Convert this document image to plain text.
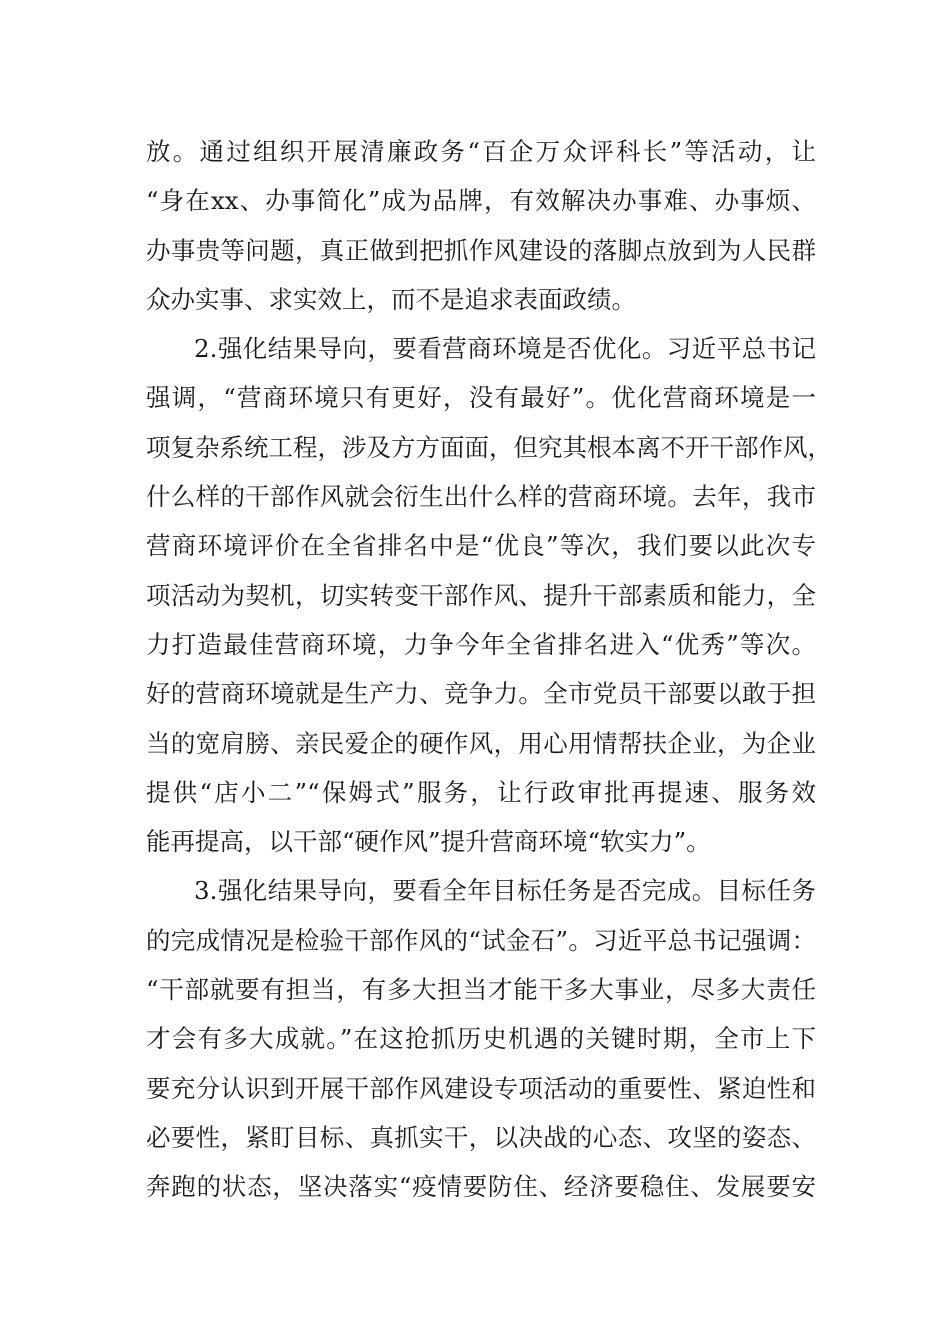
放。通过组织开展清廉政务“百企万众评科长”等活动，让
“身在xx、办事简化”成为品牌，有效解决办事难、办事烦、
办事贵等问题，真正做到把抓作风建设的落脚点放到为人民群
众办实事、求实效上，而不是追求表面政绩。
2.强化结果导向，要看营商环境是否优化。习近平总书记
强调，“营商环境只有更好，没有最好”。优化营商环境是一
项复杂系统工程，涉及方方面面，但究其根本离不开干部作风，
什么样的干部作风就会衍生出什么样的营商环境。去年，我市
营商环境评价在全省排名中是“优良”等次，我们要以此次专
项活动为契机，切实转变干部作风、提升干部素质和能力，全
力打造最佳营商环境，力争今年全省排名进入“优秀”等次。
好的营商环境就是生产力、竞争力。全市党员干部要以敢于担
当的宽肩膀、亲民爱企的硬作风，用心用情帮扶企业，为企业
提供“店小二”“保姆式”服务，让行政审批再提速、服务效
能再提高，以干部“硬作风”提升营商环境“软实力”。
3.强化结果导向，要看全年目标任务是否完成。目标任务
的完成情况是检验干部作风的“试金石”。习近平总书记强调：
“干部就要有担当，有多大担当才能干多大事业，尽多大责任
才会有多大成就。”在这抢抓历史机遇的关键时期，全市上下
要充分认识到开展干部作风建设专项活动的重要性、紧迫性和
必要性，紧盯目标、真抓实干，以决战的心态、攻坚的姿态、
奔跑的状态，坚决落实“疫情要防住、经济要稳住、发展要安
